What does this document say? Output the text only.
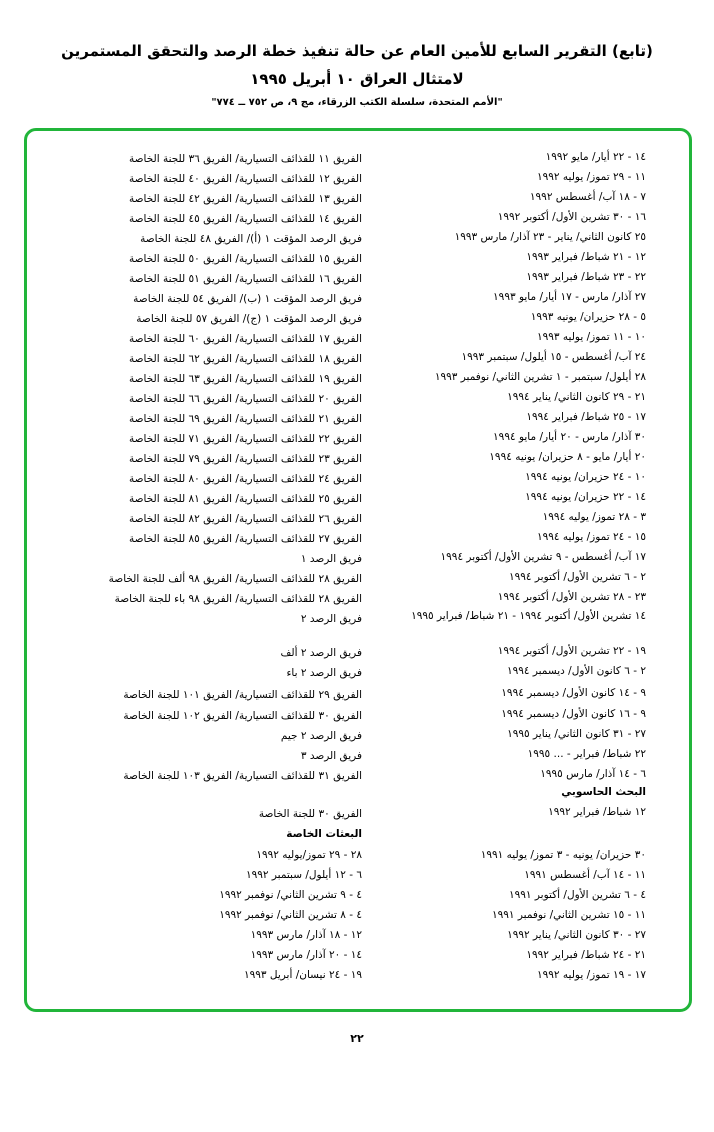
(تابع) التقرير السابع للأمين العام عن حالة تنفيذ خطة الرصد والتحقق المستمرين
لامتثال العراق ١٠ أبريل ١٩٩٥
"الأمم المتحدة، سلسلة الكتب الزرقاء، مج ٩، ص ٧٥٢ ــ ٧٧٤"
١٤ - ٢٢ أيار/ مايو ١٩٩٢
١١ - ٢٩ تموز/ يوليه ١٩٩٢
٧ - ١٨ آب/ أغسطس ١٩٩٢
١٦ - ٣٠ تشرين الأول/ أكتوبر ١٩٩٢
٢٥ كانون الثاني/ يناير - ٢٣ آذار/ مارس ١٩٩٣
١٢ - ٢١ شباط/ فبراير ١٩٩٣
٢٢ - ٢٣ شباط/ فبراير ١٩٩٣
٢٧ آذار/ مارس - ١٧ أيار/ مايو ١٩٩٣
٥ - ٢٨ حزيران/ يونيه ١٩٩٣
١٠ - ١١ تموز/ يوليه ١٩٩٣
٢٤ آب/ أغسطس - ١٥ أيلول/ سبتمبر ١٩٩٣
٢٨ أيلول/ سبتمبر - ١ تشرين الثاني/ نوفمبر ١٩٩٣
٢١ - ٢٩ كانون الثاني/ يناير ١٩٩٤
١٧ - ٢٥ شباط/ فبراير ١٩٩٤
٣٠ آذار/ مارس - ٢٠ أيار/ مايو ١٩٩٤
٢٠ أيار/ مايو - ٨ حزيران/ يونيه ١٩٩٤
١٠ - ٢٤ حزيران/ يونيه ١٩٩٤
١٤ - ٢٢ حزيران/ يونيه ١٩٩٤
٣ - ٢٨ تموز/ يوليه ١٩٩٤
١٥ - ٢٤ تموز/ يوليه ١٩٩٤
١٧ آب/ أغسطس - ٩ تشرين الأول/ أكتوبر ١٩٩٤
٢ - ٦ تشرين الأول/ أكتوبر ١٩٩٤
٢٣ - ٢٨ تشرين الأول/ أكتوبر ١٩٩٤
١٤ تشرين الأول/ أكتوبر ١٩٩٤ - ٢١ شباط/ فبراير ١٩٩٥
١٩ - ٢٢ تشرين الأول/ أكتوبر ١٩٩٤
٢ - ٦ كانون الأول/ ديسمبر ١٩٩٤
٩ - ١٤ كانون الأول/ ديسمبر ١٩٩٤
٩ - ١٦ كانون الأول/ ديسمبر ١٩٩٤
٢٧ - ٣١ كانون الثاني/ يناير ١٩٩٥
٢٢ شباط/ فبراير - ... ١٩٩٥
٦ - ١٤ آذار/ مارس ١٩٩٥
البحث الحاسوبي
١٢ شباط/ فبراير ١٩٩٢
٣٠ حزيران/ يونيه - ٣ تموز/ يوليه ١٩٩١
١١ - ١٤ آب/ أغسطس ١٩٩١
٤ - ٦ تشرين الأول/ أكتوبر ١٩٩١
١١ - ١٥ تشرين الثاني/ نوفمبر ١٩٩١
٢٧ - ٣٠ كانون الثاني/ يناير ١٩٩٢
٢١ - ٢٤ شباط/ فبراير ١٩٩٢
١٧ - ١٩ تموز/ يوليه ١٩٩٢
الفريق ١١ للقذائف التسيارية/ الفريق ٣٦ للجنة الخاصة
الفريق ١٢ للقذائف التسيارية/ الفريق ٤٠ للجنة الخاصة
الفريق ١٣ للقذائف التسيارية/ الفريق ٤٢ للجنة الخاصة
الفريق ١٤ للقذائف التسيارية/ الفريق ٤٥ للجنة الخاصة
فريق الرصد المؤقت ١ (أ)/ الفريق ٤٨ للجنة الخاصة
الفريق ١٥ للقذائف التسيارية/ الفريق ٥٠ للجنة الخاصة
الفريق ١٦ للقذائف التسيارية/ الفريق ٥١ للجنة الخاصة
فريق الرصد المؤقت ١ (ب)/ الفريق ٥٤ للجنة الخاصة
فريق الرصد المؤقت ١ (ج)/ الفريق ٥٧ للجنة الخاصة
الفريق ١٧ للقذائف التسيارية/ الفريق ٦٠ للجنة الخاصة
الفريق ١٨ للقذائف التسيارية/ الفريق ٦٢ للجنة الخاصة
الفريق ١٩ للقذائف التسيارية/ الفريق ٦٣ للجنة الخاصة
الفريق ٢٠ للقذائف التسيارية/ الفريق ٦٦ للجنة الخاصة
الفريق ٢١ للقذائف التسيارية/ الفريق ٦٩ للجنة الخاصة
الفريق ٢٢ للقذائف التسيارية/ الفريق ٧١ للجنة الخاصة
الفريق ٢٣ للقذائف التسيارية/ الفريق ٧٩ للجنة الخاصة
الفريق ٢٤ للقذائف التسيارية/ الفريق ٨٠ للجنة الخاصة
الفريق ٢٥ للقذائف التسيارية/ الفريق ٨١ للجنة الخاصة
الفريق ٢٦ للقذائف التسيارية/ الفريق ٨٢ للجنة الخاصة
الفريق ٢٧ للقذائف التسيارية/ الفريق ٨٥ للجنة الخاصة
فريق الرصد ١
الفريق ٢٨ للقذائف التسيارية/ الفريق ٩٨ ألف للجنة الخاصة
الفريق ٢٨ للقذائف التسيارية/ الفريق ٩٨ باء للجنة الخاصة
فريق الرصد ٢
فريق الرصد ٢ ألف
فريق الرصد ٢ باء
الفريق ٢٩ للقذائف التسيارية/ الفريق ١٠١ للجنة الخاصة
الفريق ٣٠ للقذائف التسيارية/ الفريق ١٠٢ للجنة الخاصة
فريق الرصد ٢ جيم
فريق الرصد ٣
الفريق ٣١ للقذائف التسيارية/ الفريق ١٠٣ للجنة الخاصة
الفريق ٣٠ للجنة الخاصة
البعثات الخاصة
٢٨ - ٢٩ تموز/يوليه ١٩٩٢
٦ - ١٢ أيلول/ سبتمبر ١٩٩٢
٤ - ٩ تشرين الثاني/ نوفمبر ١٩٩٢
٤ - ٨ تشرين الثاني/ نوفمبر ١٩٩٢
١٢ - ١٨ آذار/ مارس ١٩٩٣
١٤ - ٢٠ آذار/ مارس ١٩٩٣
١٩ - ٢٤ نيسان/ أبريل ١٩٩٣
٢٢
